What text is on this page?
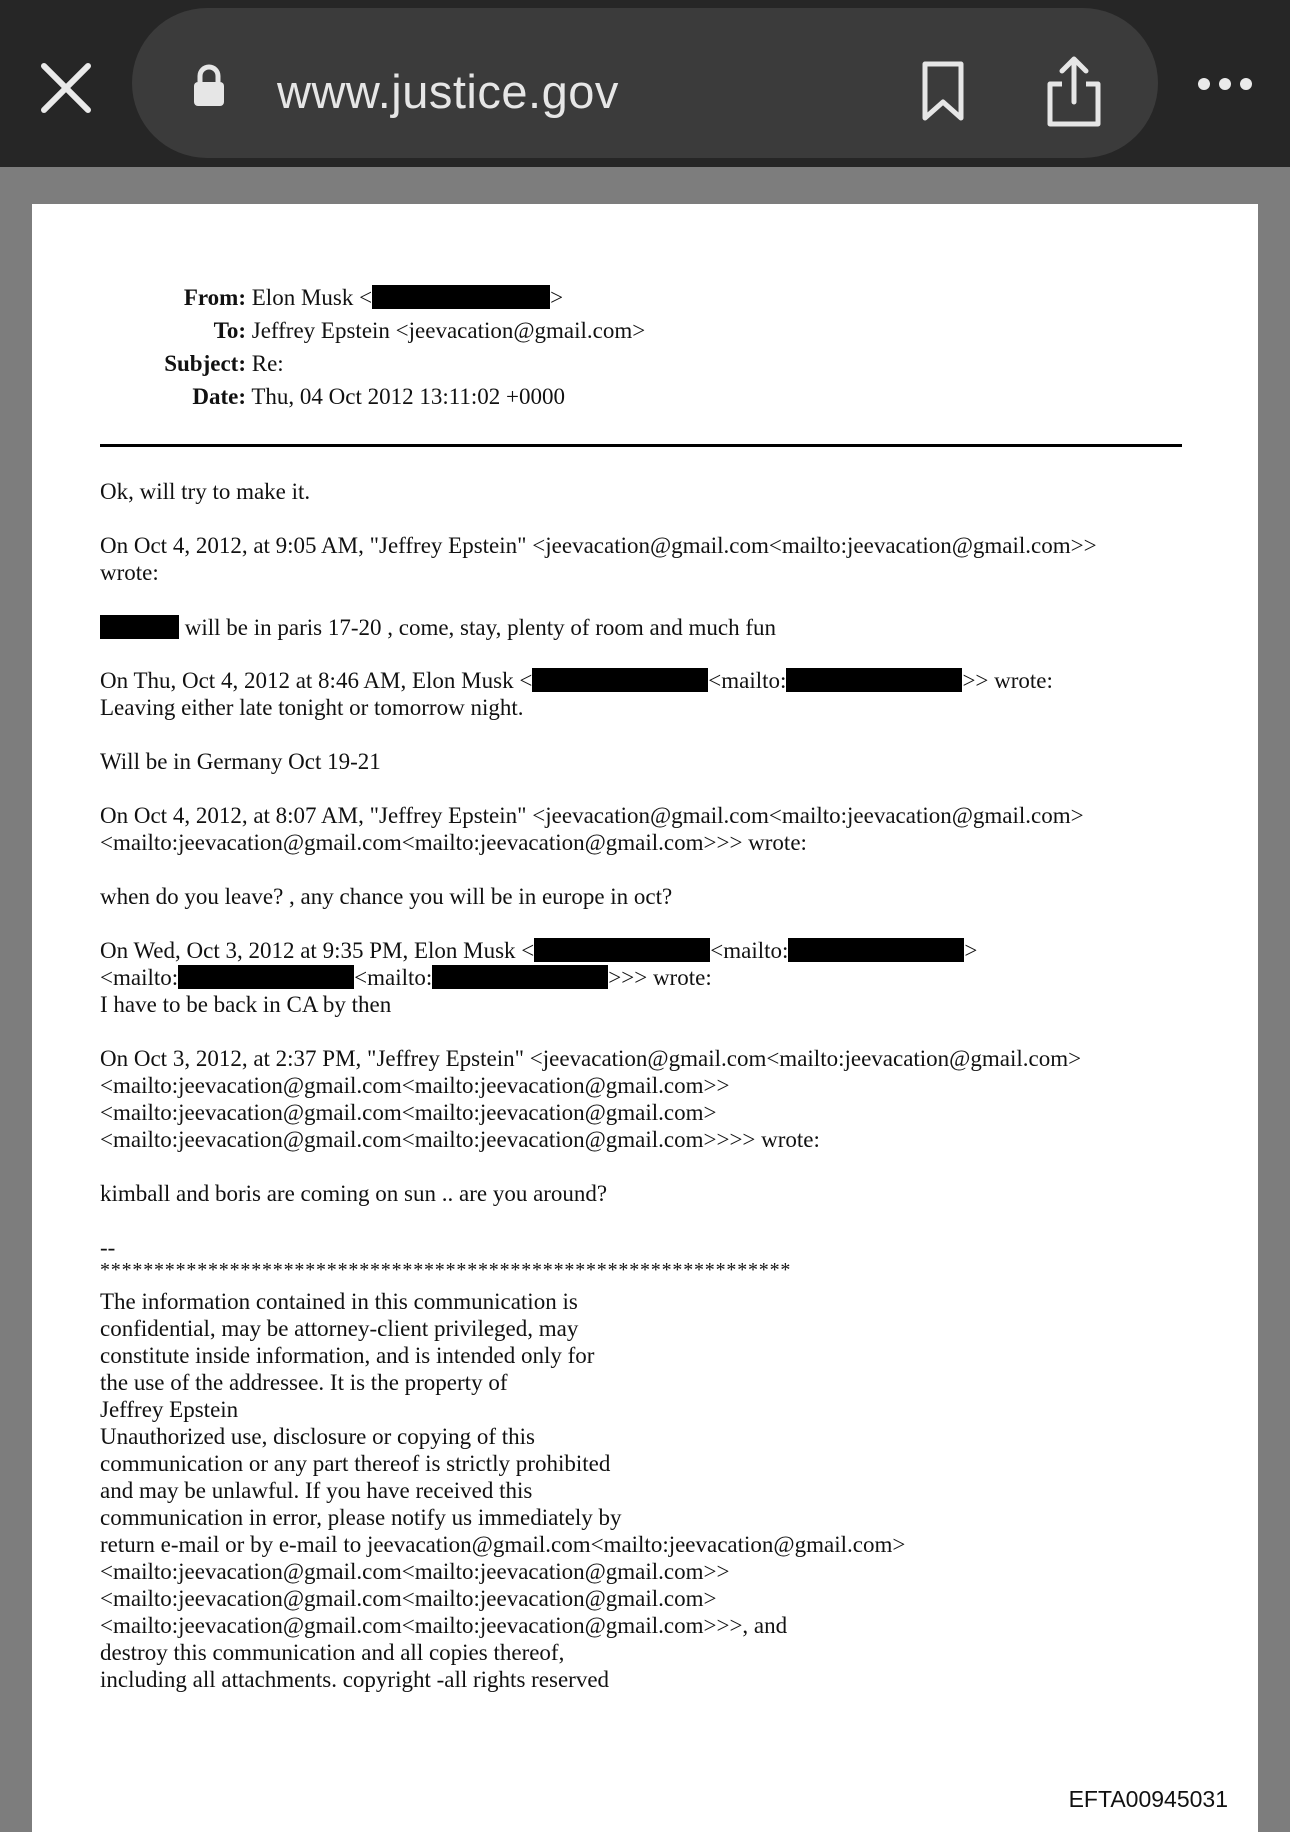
www.justice.gov
From: Elon Musk <	>
To: Jeffrey Epstein <jeevacation@gmail.com>
Subject: Re:
Date: Thu, 04 Oct 2012 13:11:02 +0000
Ok, will try to make it.
On Oct 4, 2012, at 9:05 AM, "Jeffrey Epstein" <jeevacation@gmail.com<mailto:jeevacation@gmail.com>>
wrote:
will be in paris 17-20 , come, stay, plenty of room and much fun
On Thu, Oct 4, 2012 at 8:46 AM, Elon Musk <	<mailto:	>> wrote:
Leaving either late tonight or tomorrow night.
Will be in Germany Oct 19-21
On Oct 4, 2012, at 8:07 AM, "Jeffrey Epstein" <jeevacation@gmail.com<mailto:jeevacation@gmail.com>
<mailto:jeevacation@gmail.com<mailto:jeevacation@gmail.com>>> wrote:
when do you leave? , any chance you will be in europe in oct?
On Wed, Oct 3, 2012 at 9:35 PM, Elon Musk <	<mailto:	>
<mailto:	<mailto:	>>> wrote:
I have to be back in CA by then
On Oct 3, 2012, at 2:37 PM, "Jeffrey Epstein" <jeevacation@gmail.com<mailto:jeevacation@gmail.com>
<mailto:jeevacation@gmail.com<mailto:jeevacation@gmail.com>>
<mailto:jeevacation@gmail.com<mailto:jeevacation@gmail.com>
<mailto:jeevacation@gmail.com<mailto:jeevacation@gmail.com>>>> wrote:
kimball and boris are coming on sun .. are you around?
--
****************************************************************
The information contained in this communication is
confidential, may be attorney-client privileged, may
constitute inside information, and is intended only for
the use of the addressee. It is the property of
Jeffrey Epstein
Unauthorized use, disclosure or copying of this
communication or any part thereof is strictly prohibited
and may be unlawful. If you have received this
communication in error, please notify us immediately by
return e-mail or by e-mail to jeevacation@gmail.com<mailto:jeevacation@gmail.com>
<mailto:jeevacation@gmail.com<mailto:jeevacation@gmail.com>>
<mailto:jeevacation@gmail.com<mailto:jeevacation@gmail.com>
<mailto:jeevacation@gmail.com<mailto:jeevacation@gmail.com>>>, and
destroy this communication and all copies thereof,
including all attachments. copyright -all rights reserved
EFTA00945031
